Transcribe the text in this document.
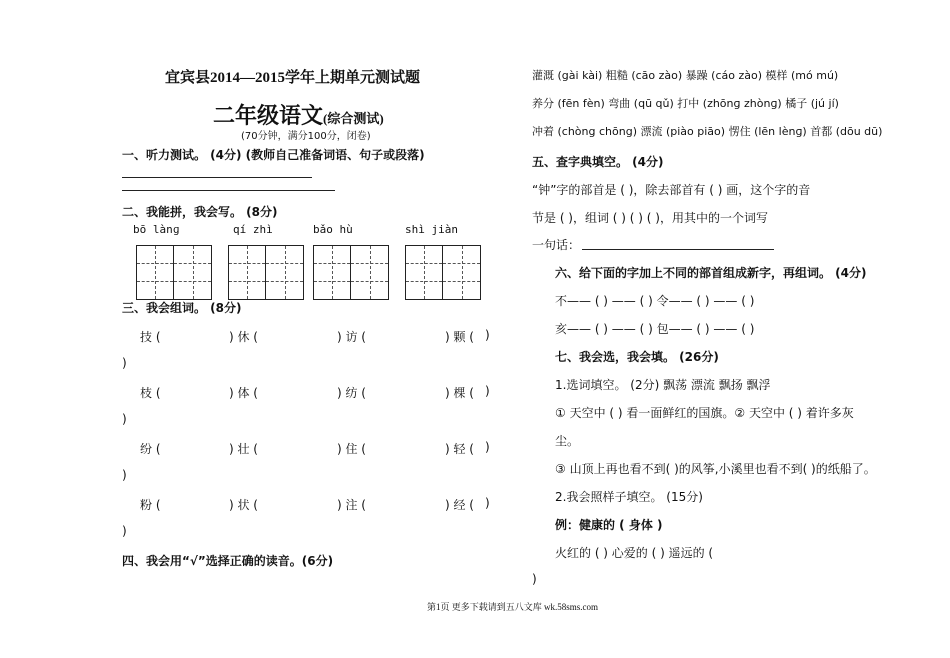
宜宾县2014—2015学年上期单元测试题
二年级语文(综合测试)
(70分钟，满分100分，闭卷)
一、听力测试。 (4分) (教师自己准备词语、句子或段落)
二、我能拼，我会写。 (8分)
bō lànɡ	qí zhì	bǎo hù	shì jiàn
三、我会组词。 (8分)
技 (	) 休 (	) 访 (	) 颗 ( )
)
枝 (	) 体 (	) 纺 (	) 棵 ( )
)
纷 (	) 壮 (	) 住 (	) 轻 ( )
)
粉 (	) 状 (	) 注 (	) 经 ( )
)
四、我会用“√”选择正确的读音。(6分)
灌溉 (gài kài) 粗糙 (cāo zào) 暴躁 (cáo zào) 模样 (mó mú)
养分 (fēn fèn) 弯曲 (qū qǔ) 打中 (zhōnɡ zhònɡ) 橘子 (jú jí)
冲着 (chòng chōng) 漂流 (piào piāo) 愣住 (lēn lènɡ) 首都 (dōu dū)
五、查字典填空。 (4分)
“钟”字的部首是 ( )，除去部首有 ( ) 画，这个字的音
节是 ( )，组词 ( ) ( ) ( )，用其中的一个词写
一句话：
六、给下面的字加上不同的部首组成新字，再组词。 (4分)
不—— ( ) —— ( ) 令—— ( ) —— ( )
亥—— ( ) —— ( ) 包—— ( ) —— ( )
七、我会选，我会填。 (26分)
1.选词填空。 (2分) 飘荡 漂流 飘扬 飘浮
① 天空中 ( ) 看一面鲜红的国旗。② 天空中 ( ) 着许多灰
尘。
③ 山顶上再也看不到( )的风筝,小溪里也看不到( )的纸船了。
2.我会照样子填空。 (15分)
例：健康的 ( 身体 )
火红的 ( ) 心爱的 ( ) 遥远的 (
)
第1页 更多下载请到五八文库 wk.58sms.com
